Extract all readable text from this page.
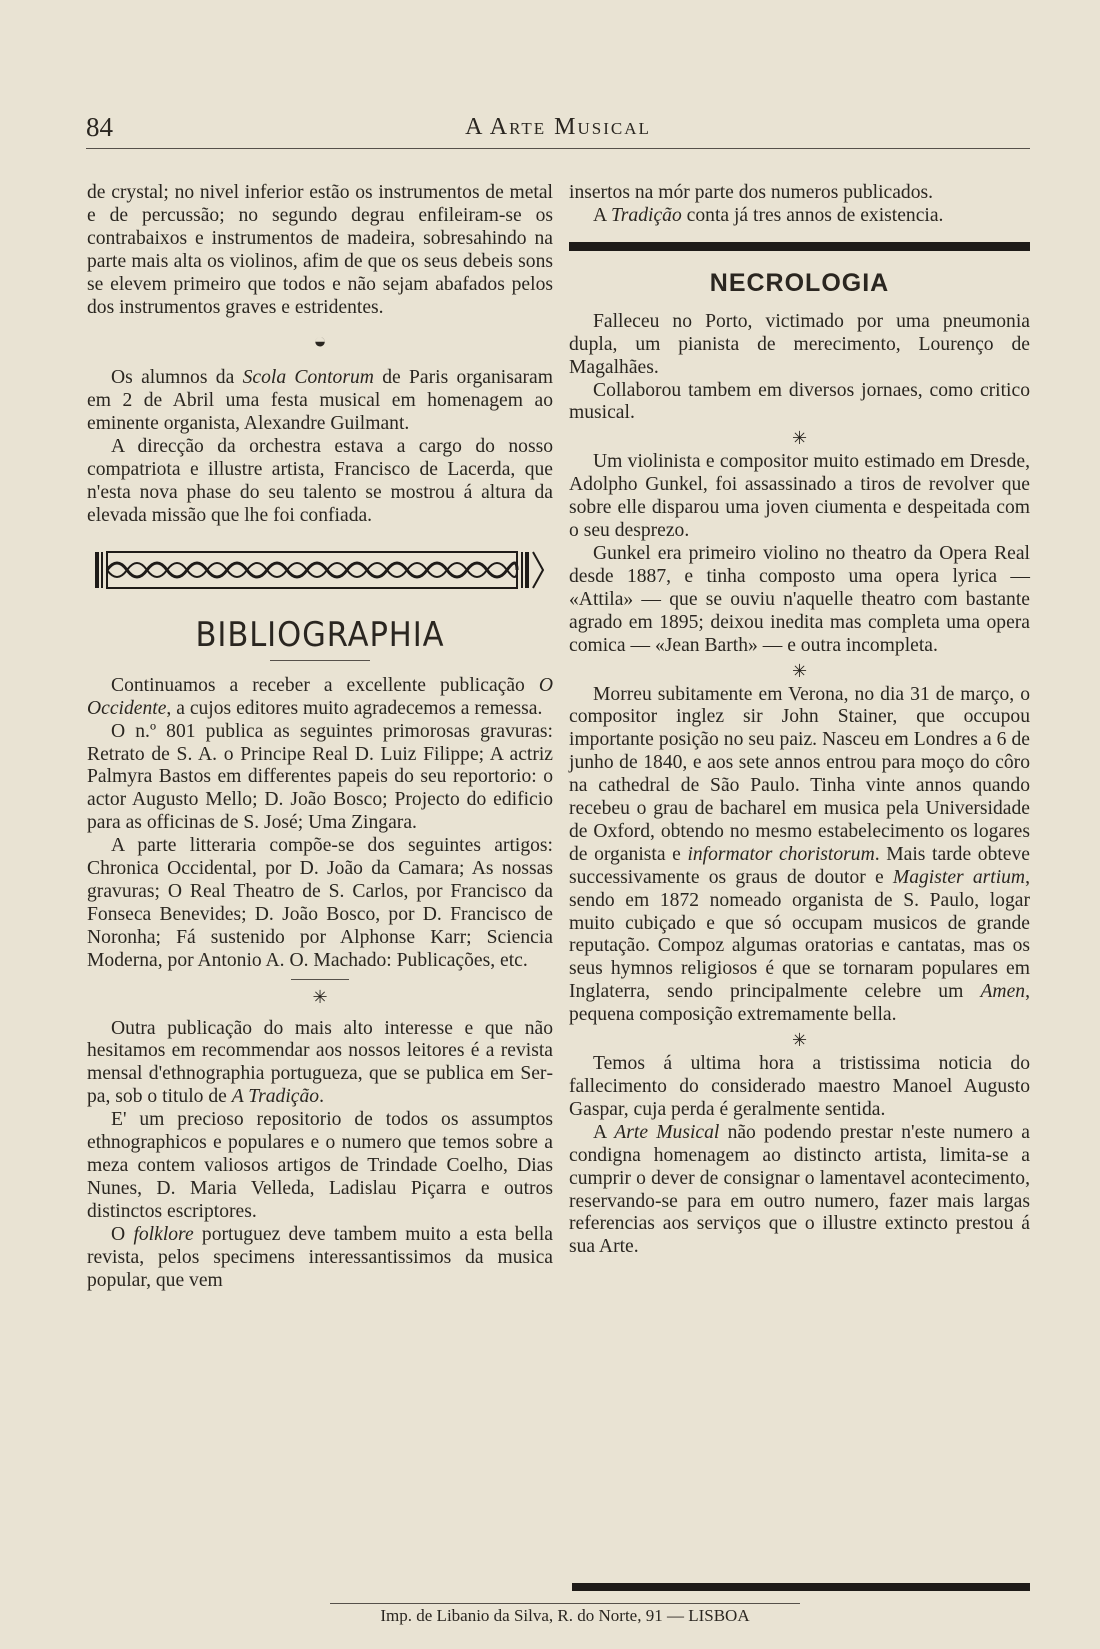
84	A Arte Musical

de crystal; no nivel inferior estão os instrumentos de metal e de percussão; no segundo degrau enfileiram-se os contrabaixos e instrumentos de madeira, sobresahindo na parte mais alta os violinos, afim de que os seus debeis sons se elevem primeiro que todos e não sejam abafados pelos dos instrumentos graves e estridentes.

◒

Os alumnos da Scola Contorum de Paris organisaram em 2 de Abril uma festa musical em homenagem ao eminente organista, Alexandre Guilmant.

A direcção da orchestra estava a cargo do nosso compatriota e illustre artista, Francisco de Lacerda, que n'esta nova phase do seu talento se mostrou á altura da elevada missão que lhe foi confiada.

BIBLIOGRAPHIA

Continuamos a receber a excellente publicação O Occidente, a cujos editores muito agradecemos a remessa.

O n.º 801 publica as seguintes primorosas gravuras: Retrato de S. A. o Principe Real D. Luiz Filippe; A actriz Palmyra Bastos em differentes papeis do seu reportorio: o actor Augusto Mello; D. João Bosco; Projecto do edificio para as officinas de S. José; Uma Zingara.

A parte litteraria compõe-se dos seguintes artigos: Chronica Occidental, por D. João da Camara; As nossas gravuras; O Real Theatro de S. Carlos, por Francisco da Fonseca Benevides; D. João Bosco, por D. Francisco de Noronha; Fá sustenido por Alphonse Karr; Sciencia Moderna, por Antonio A. O. Machado: Publicações, etc.

✳

Outra publicação do mais alto interesse e que não hesitamos em recommendar aos nossos leitores é a revista mensal d'ethnographia portugueza, que se publica em Serpa, sob o titulo de A Tradição.

E' um precioso repositorio de todos os assumptos ethnographicos e populares e o numero que temos sobre a meza contem valiosos artigos de Trindade Coelho, Dias Nunes, D. Maria Velleda, Ladislau Piçarra e outros distinctos escriptores.

O folklore portuguez deve tambem muito a esta bella revista, pelos specimens interessantissimos da musica popular, que vem

insertos na mór parte dos numeros publicados.

A Tradição conta já tres annos de existencia.

NECROLOGIA

Falleceu no Porto, victimado por uma pneumonia dupla, um pianista de merecimento, Lourenço de Magalhães.

Collaborou tambem em diversos jornaes, como critico musical.

✳

Um violinista e compositor muito estimado em Dresde, Adolpho Gunkel, foi assassinado a tiros de revolver que sobre elle disparou uma joven ciumenta e despeitada com o seu desprezo.

Gunkel era primeiro violino no theatro da Opera Real desde 1887, e tinha composto uma opera lyrica — «Attila» — que se ouviu n'aquelle theatro com bastante agrado em 1895; deixou inedita mas completa uma opera comica — «Jean Barth» — e outra incompleta.

✳

Morreu subitamente em Verona, no dia 31 de março, o compositor inglez sir John Stainer, que occupou importante posição no seu paiz. Nasceu em Londres a 6 de junho de 1840, e aos sete annos entrou para moço do côro na cathedral de São Paulo. Tinha vinte annos quando recebeu o grau de bacharel em musica pela Universidade de Oxford, obtendo no mesmo estabelecimento os logares de organista e informator choristorum. Mais tarde obteve successivamente os graus de doutor e Magister artium, sendo em 1872 nomeado organista de S. Paulo, logar muito cubiçado e que só occupam musicos de grande reputação. Compoz algumas oratorias e cantatas, mas os seus hymnos religiosos é que se tornaram populares em Inglaterra, sendo principalmente celebre um Amen, pequena composição extremamente bella.

✳

Temos á ultima hora a tristissima noticia do fallecimento do considerado maestro Manoel Augusto Gaspar, cuja perda é geralmente sentida.

A Arte Musical não podendo prestar n'este numero a condigna homenagem ao distincto artista, limita-se a cumprir o dever de consignar o lamentavel acontecimento, reservando-se para em outro numero, fazer mais largas referencias aos serviços que o illustre extincto prestou á sua Arte.

Imp. de Libanio da Silva, R. do Norte, 91 — LISBOA
